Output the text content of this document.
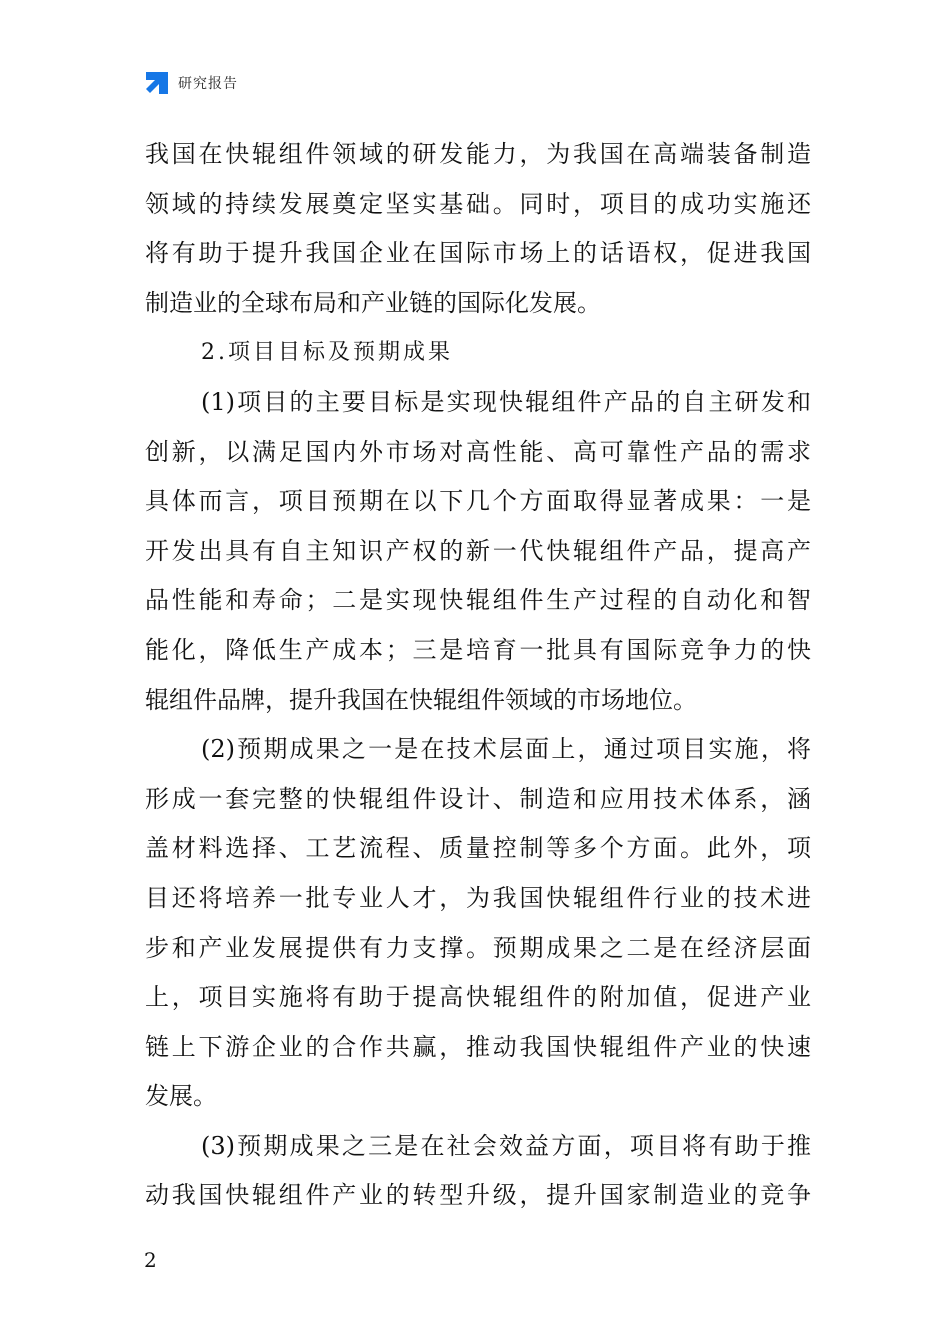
研究报告
我国在快辊组件领域的研发能力，为我国在高端装备制造
领域的持续发展奠定坚实基础。同时，项目的成功实施还
将有助于提升我国企业在国际市场上的话语权，促进我国
制造业的全球布局和产业链的国际化发展。
2.项目目标及预期成果
(1)项目的主要目标是实现快辊组件产品的自主研发和
创新，以满足国内外市场对高性能、高可靠性产品的需求
具体而言，项目预期在以下几个方面取得显著成果：一是
开发出具有自主知识产权的新一代快辊组件产品，提高产
品性能和寿命；二是实现快辊组件生产过程的自动化和智
能化，降低生产成本；三是培育一批具有国际竞争力的快
辊组件品牌，提升我国在快辊组件领域的市场地位。
(2)预期成果之一是在技术层面上，通过项目实施，将
形成一套完整的快辊组件设计、制造和应用技术体系，涵
盖材料选择、工艺流程、质量控制等多个方面。此外，项
目还将培养一批专业人才，为我国快辊组件行业的技术进
步和产业发展提供有力支撑。预期成果之二是在经济层面
上，项目实施将有助于提高快辊组件的附加值，促进产业
链上下游企业的合作共赢，推动我国快辊组件产业的快速
发展。
(3)预期成果之三是在社会效益方面，项目将有助于推
动我国快辊组件产业的转型升级，提升国家制造业的竞争
2
